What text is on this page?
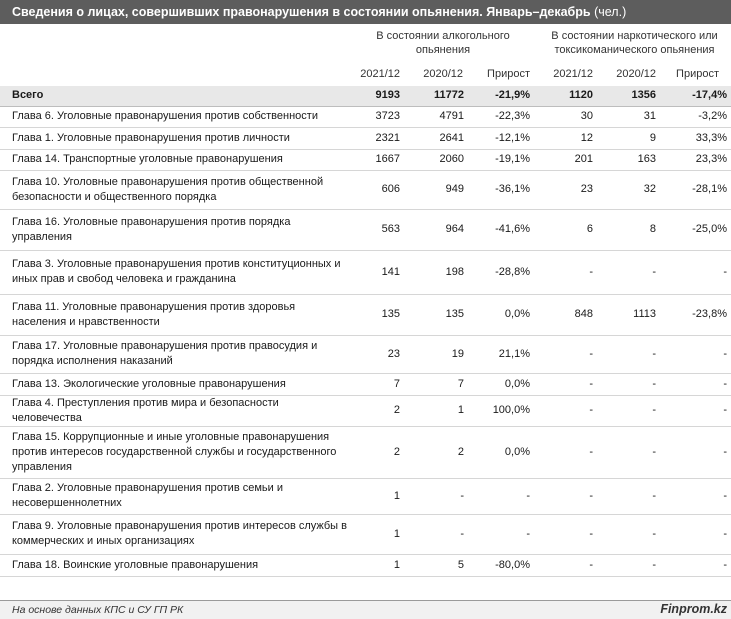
Сведения о лицах, совершивших правонарушения в состоянии опьянения. Январь–декабрь (чел.)
В состоянии алкогольного опьянения
В состоянии наркотического или токсикоманического опьянения
2021/12	2020/12	Прирост	2021/12	2020/12	Прирост
Всего	9193	11772	-21,9%	1120	1356	-17,4%
Глава 6. Уголовные правонарушения против собственности	3723	4791	-22,3%	30	31	-3,2%
Глава 1. Уголовные правонарушения против личности	2321	2641	-12,1%	12	9	33,3%
Глава 14. Транспортные уголовные правонарушения	1667	2060	-19,1%	201	163	23,3%
Глава 10. Уголовные правонарушения против общественной безопасности и общественного порядка	606	949	-36,1%	23	32	-28,1%
Глава 16. Уголовные правонарушения против порядка управления	563	964	-41,6%	6	8	-25,0%
Глава 3. Уголовные правонарушения против конституционных и иных прав и свобод человека и гражданина	141	198	-28,8%	-	-	-
Глава 11. Уголовные правонарушения против здоровья населения и нравственности	135	135	0,0%	848	1113	-23,8%
Глава 17. Уголовные правонарушения против правосудия и порядка исполнения наказаний	23	19	21,1%	-	-	-
Глава 13. Экологические уголовные правонарушения	7	7	0,0%	-	-	-
Глава 4. Преступления против мира и безопасности человечества	2	1	100,0%	-	-	-
Глава 15. Коррупционные и иные уголовные правонарушения против интересов государственной службы и государственного управления	2	2	0,0%	-	-	-
Глава 2. Уголовные правонарушения против семьи и несовершеннолетних	1	-	-	-	-	-
Глава 9. Уголовные правонарушения против интересов службы в коммерческих и иных организациях	1	-	-	-	-	-
Глава 18. Воинские уголовные правонарушения	1	5	-80,0%	-	-	-
На основе данных КПС и СУ ГП РК	Finprom.kz
